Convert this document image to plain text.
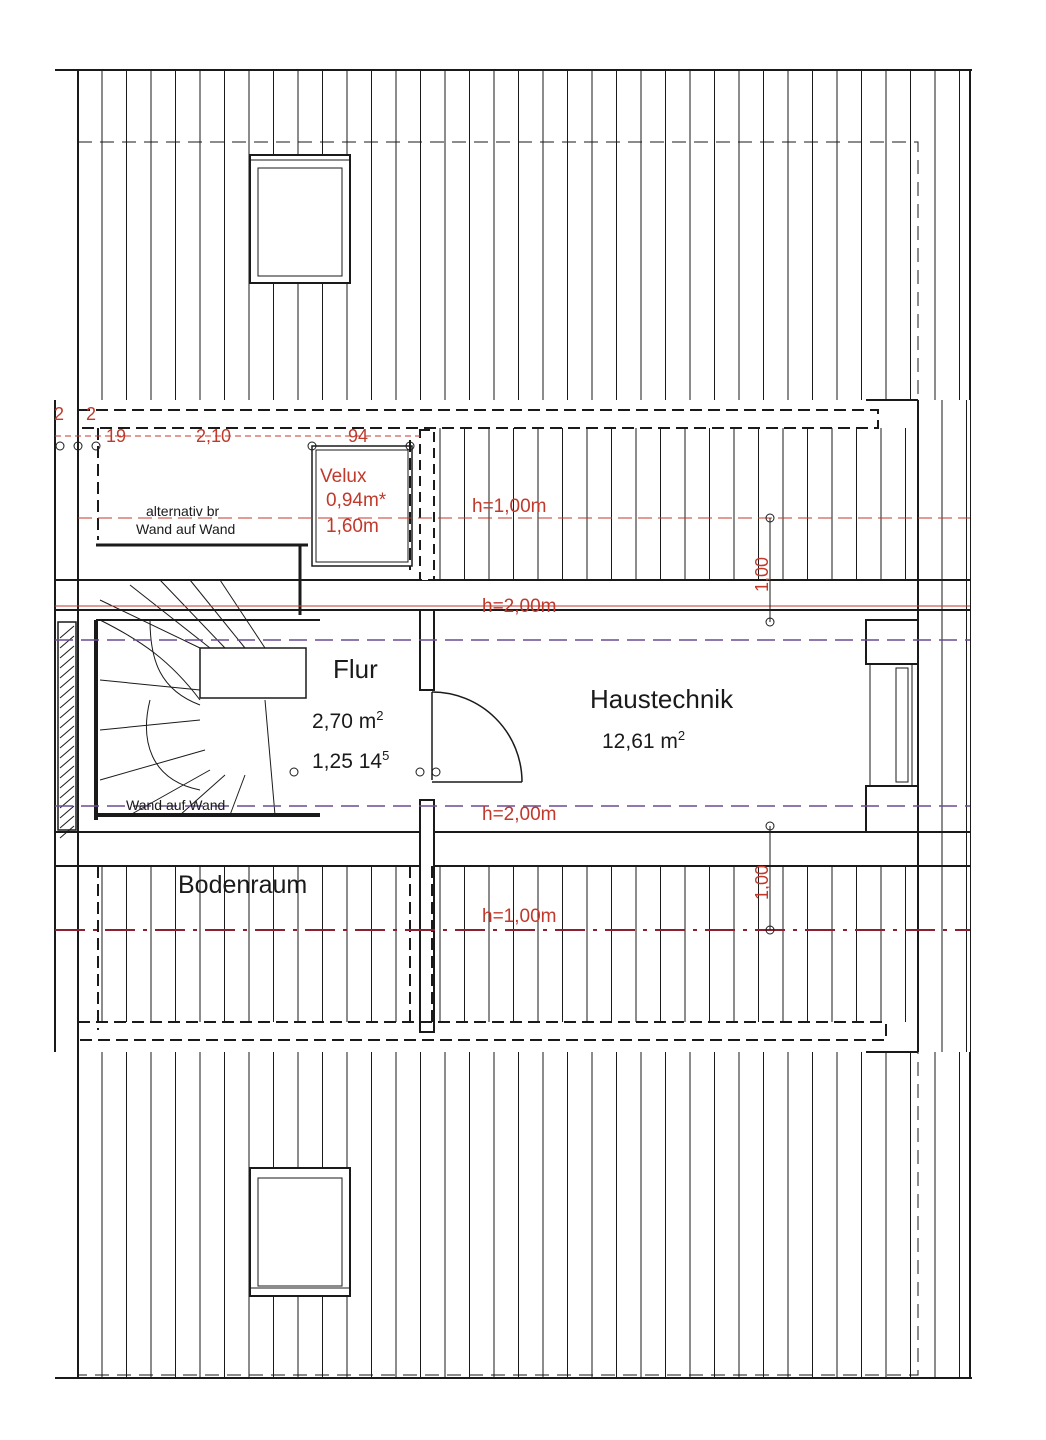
Flur
2,70 $m^2$
1,25 $14^5$
Haustechnik
12,61 $m^2$
Bodenraum
alternativ br
Wand auf Wand
Wand auf Wand
2 2
19	2,10	94
Velux
0,94m*
1,60m
h=1,00m
h=2,00m
h=2,00m
h=1,00m
1,00
1,00
